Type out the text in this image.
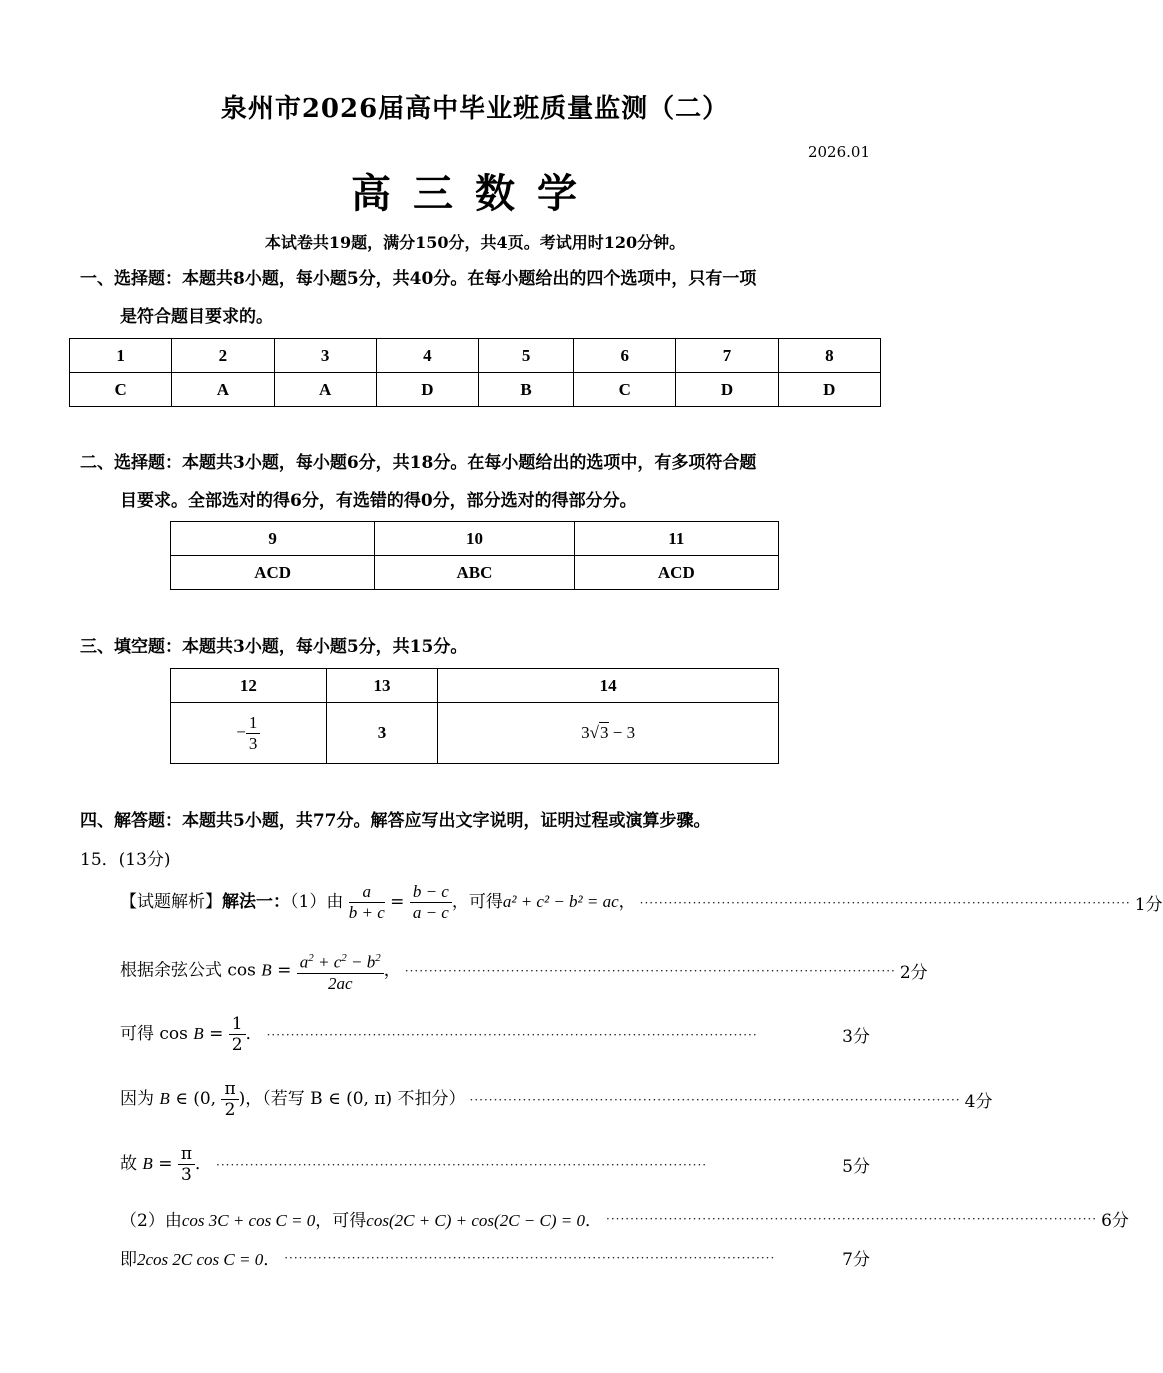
泉州市2026届高中毕业班质量监测（二）
2026.01
高三数学
本试卷共19题，满分150分，共4页。考试用时120分钟。
一、选择题：本题共8小题，每小题5分，共40分。在每小题给出的四个选项中，只有一项
是符合题目要求的。
1	2	3	4	5	6	7	8
C	A	A	D	B	C	D	D
二、选择题：本题共3小题，每小题6分，共18分。在每小题给出的选项中，有多项符合题
目要求。全部选对的得6分，有选错的得0分，部分选对的得部分分。
9	10	11
ACD	ABC	ACD
三、填空题：本题共3小题，每小题5分，共15分。
12	13	14
− $\frac{1}{3}$	3	3√3 − 3
四、解答题：本题共5小题，共77分。解答应写出文字说明，证明过程或演算步骤。
15．(13分)
【试题解析】解法一：（1）由 $\frac{a}{b + c} = \frac{b - c}{a - c}$ ，可得a² + c² − b² = ac， ······································································································ 1分
根据余弦公式 $\cos B = \frac{a^2 + c^2 - b^2}{2ac}$ ， ······································································································ 2分
可得 $\cos B = \frac{1}{2}$ ． ······································································································	3分
因为 B ∈ (0, $\frac{\pi}{2}$ )，（若写 B ∈ (0, π) 不扣分） ······································································································ 4分
故 $B = \frac{\pi}{3}$ ． ······································································································	5分
（2）由cos 3C + cos C = 0，可得cos(2C + C) + cos(2C − C) = 0． ······································································································ 6分
即2cos 2C cos C = 0． ······································································································	7分
